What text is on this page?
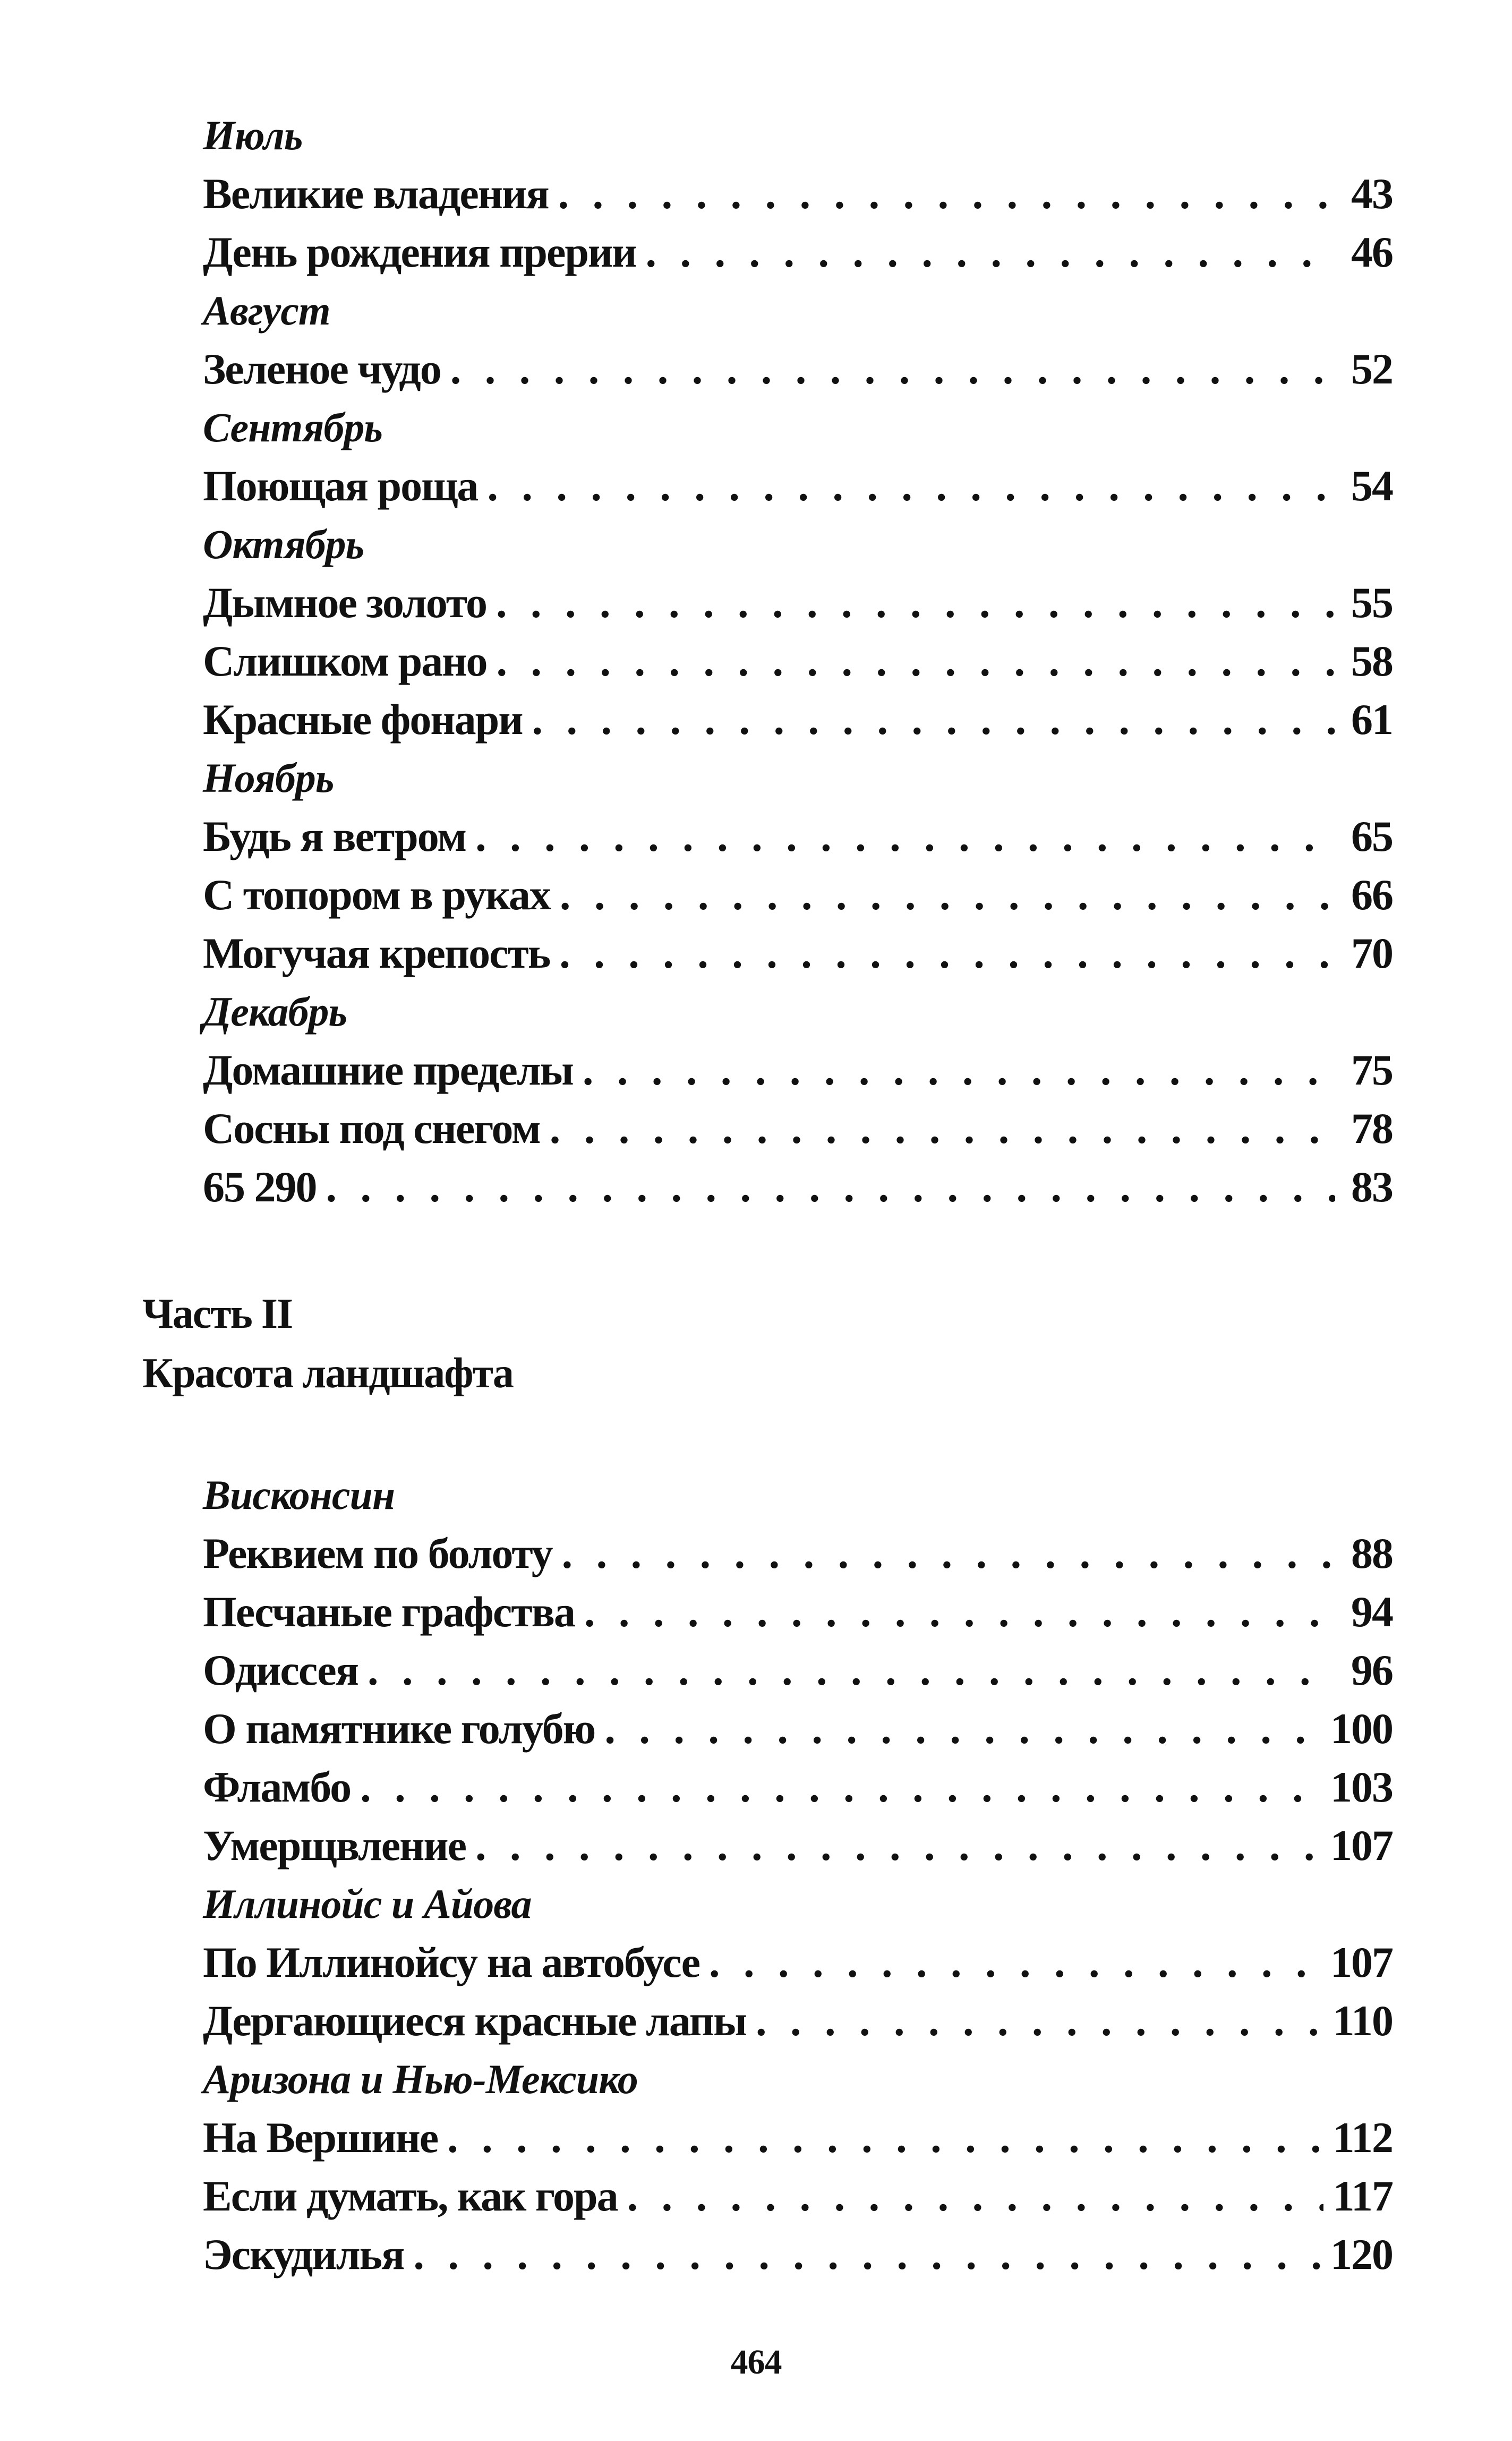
Июль
Великие владения . . .	43
День рождения прерии . . .	46
Август
Зеленое чудо . . .	52
Сентябрь
Поющая роща . . .	54
Октябрь
Дымное золото . . .	55
Слишком рано . . .	58
Красные фонари . . .	61
Ноябрь
Будь я ветром . . .	65
С топором в руках . . .	66
Могучая крепость . . .	70
Декабрь
Домашние пределы . . .	75
Сосны под снегом . . .	78
65 290 . . .	83
Часть II
Красота ландшафта
Висконсин
Реквием по болоту . . .	88
Песчаные графства . . .	94
Одиссея . . .	96
О памятнике голубю . . .	100
Фламбо . . .	103
Умерщвление . . .	107
Иллинойс и Айова
По Иллинойсу на автобусе . . .	107
Дергающиеся красные лапы . . .	110
Аризона и Нью-Мексико
На Вершине . . .	112
Если думать, как гора . . .	117
Эскудилья . . .	120
464
